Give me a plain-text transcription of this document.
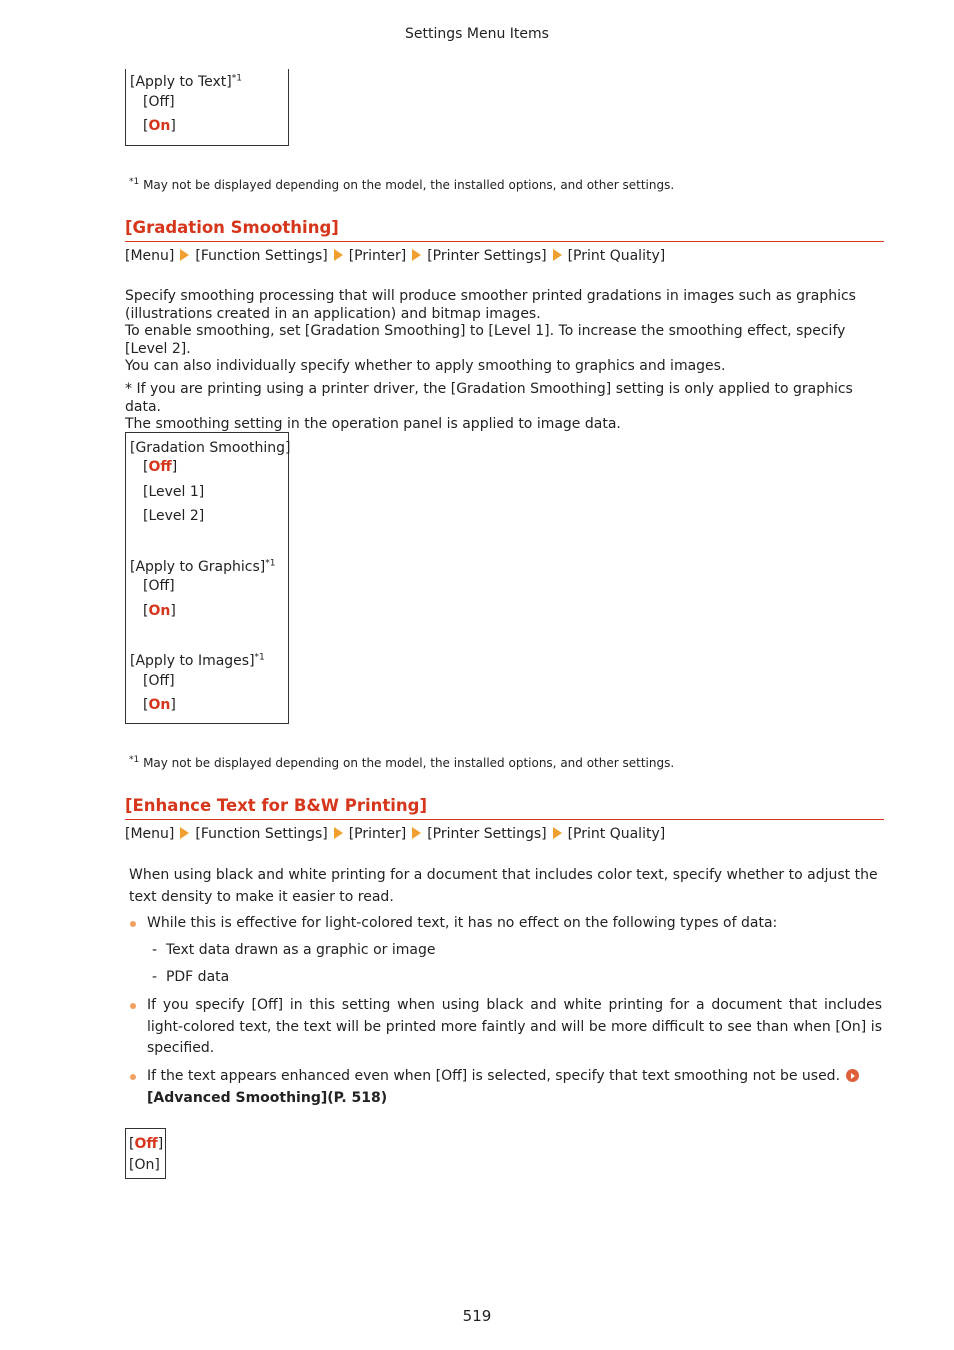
Settings Menu Items
[Apply to Text]$^{*1}$
[Off]
[On]
$^{*1}$ May not be displayed depending on the model, the installed options, and other settings.
[Gradation Smoothing]
[Menu] [Function Settings] [Printer] [Printer Settings] [Print Quality]

Specify smoothing processing that will produce smoother printed gradations in images such as graphics (illustrations created in an application) and bitmap images.

To enable smoothing, set [Gradation Smoothing] to [Level 1]. To increase the smoothing effect, specify [Level 2].

You can also individually specify whether to apply smoothing to graphics and images.

* If you are printing using a printer driver, the [Gradation Smoothing] setting is only applied to graphics data.

The smoothing setting in the operation panel is applied to image data.

[Gradation Smoothing]
[Off]
[Level 1]
[Level 2]
[Apply to Graphics]$^{*1}$
[Off]
[On]
[Apply to Images]$^{*1}$
[Off]
[On]
$^{*1}$ May not be displayed depending on the model, the installed options, and other settings.
[Enhance Text for B&W Printing]
[Menu] [Function Settings] [Printer] [Printer Settings] [Print Quality]
When using black and white printing for a document that includes color text, specify whether to adjust the text density to make it easier to read.
While this is effective for light-colored text, it has no effect on the following types of data:
-  Text data drawn as a graphic or image
-  PDF data
If you specify [Off] in this setting when using black and white printing for a document that includes light-colored text, the text will be printed more faintly and will be more difficult to see than when [On] is specified.
If the text appears enhanced even when [Off] is selected, specify that text smoothing not be used.
[Advanced Smoothing](P. 518)
[Off]
[On]
519
